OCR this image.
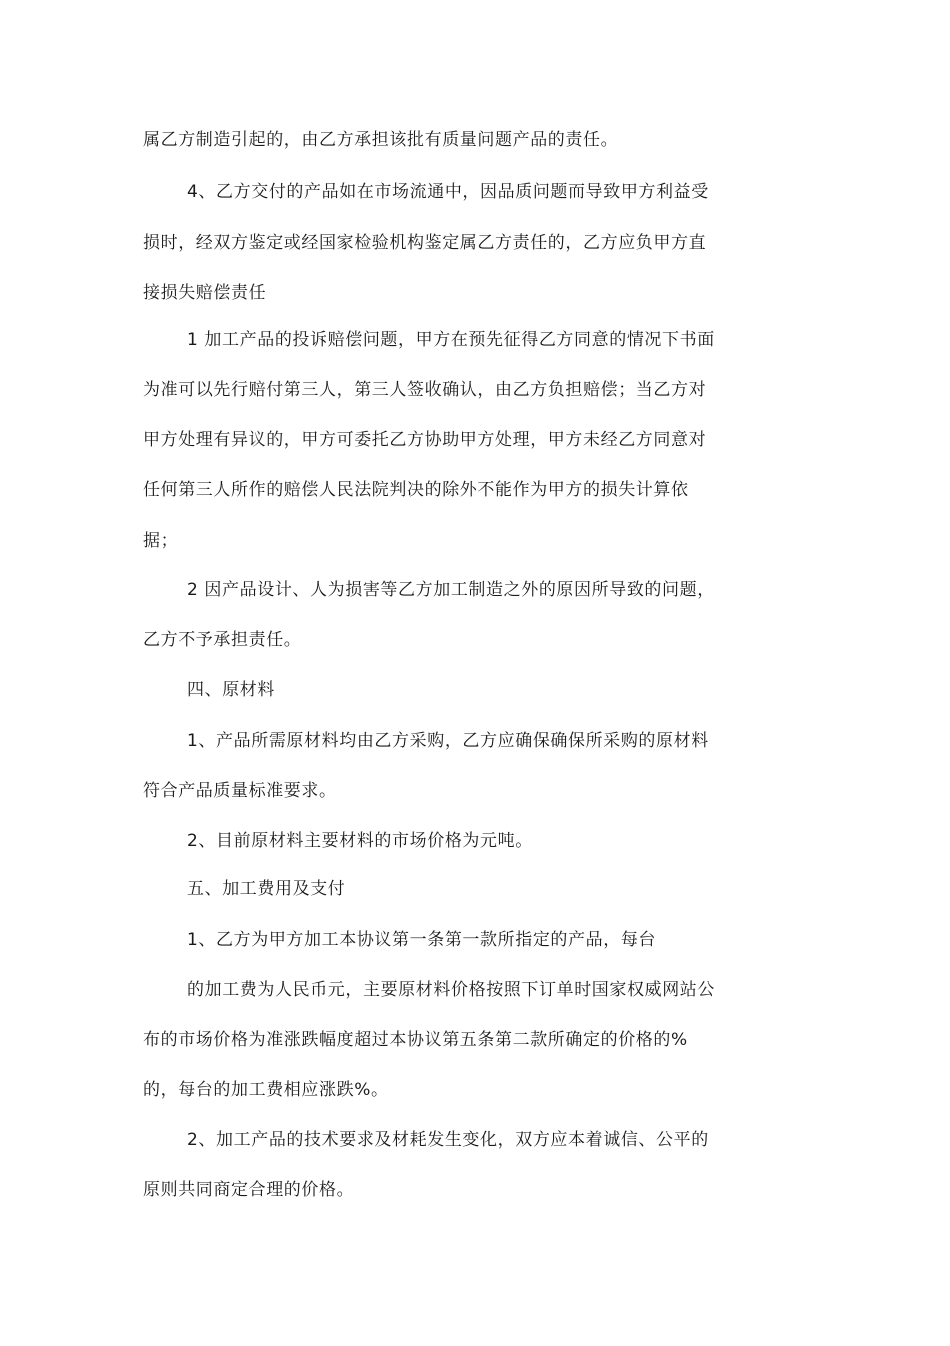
属乙方制造引起的，由乙方承担该批有质量问题产品的责任。
4、乙方交付的产品如在市场流通中，因品质问题而导致甲方利益受
损时，经双方鉴定或经国家检验机构鉴定属乙方责任的，乙方应负甲方直
接损失赔偿责任
1 加工产品的投诉赔偿问题，甲方在预先征得乙方同意的情况下书面
为准可以先行赔付第三人，第三人签收确认，由乙方负担赔偿；当乙方对
甲方处理有异议的，甲方可委托乙方协助甲方处理，甲方未经乙方同意对
任何第三人所作的赔偿人民法院判决的除外不能作为甲方的损失计算依
据；
2 因产品设计、人为损害等乙方加工制造之外的原因所导致的问题，
乙方不予承担责任。
四、原材料
1、产品所需原材料均由乙方采购，乙方应确保确保所采购的原材料
符合产品质量标准要求。
2、目前原材料主要材料的市场价格为元吨。
五、加工费用及支付
1、乙方为甲方加工本协议第一条第一款所指定的产品，每台
的加工费为人民币元，主要原材料价格按照下订单时国家权威网站公
布的市场价格为准涨跌幅度超过本协议第五条第二款所确定的价格的%
的，每台的加工费相应涨跌%。
2、加工产品的技术要求及材耗发生变化，双方应本着诚信、公平的
原则共同商定合理的价格。
